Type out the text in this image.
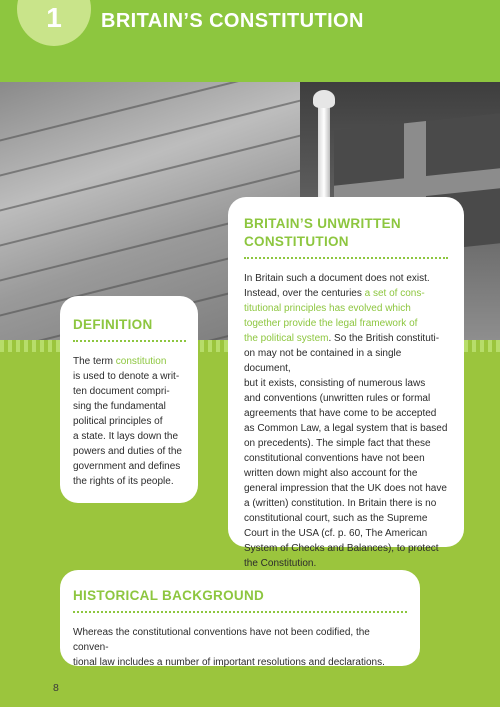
1	BRITAIN’S CONSTITUTION
BRITAIN’S UNWRITTEN
CONSTITUTION
In Britain such a document does not exist.
Instead, over the centuries a set of cons-
titutional principles has evolved which
together provide the legal framework of
the political system. So the British constituti-
on may not be contained in a single document,
but it exists, consisting of numerous laws
and conventions (unwritten rules or formal
agreements that have come to be accepted
as Common Law, a legal system that is based
on precedents). The simple fact that these
constitutional conventions have not been
written down might also account for the
general impression that the UK does not have
a (written) constitution. In Britain there is no
constitutional court, such as the Supreme
Court in the USA (cf. p. 60, The American
System of Checks and Balances), to protect
the Constitution.
DEFINITION
The term constitution
is used to denote a writ-
ten document compri-
sing the fundamental
political principles of
a state. It lays down the
powers and duties of the
government and defines
the rights of its people.
HISTORICAL BACKGROUND
Whereas the constitutional conventions have not been codified, the conven-
tional law includes a number of important resolutions and declarations.
8
